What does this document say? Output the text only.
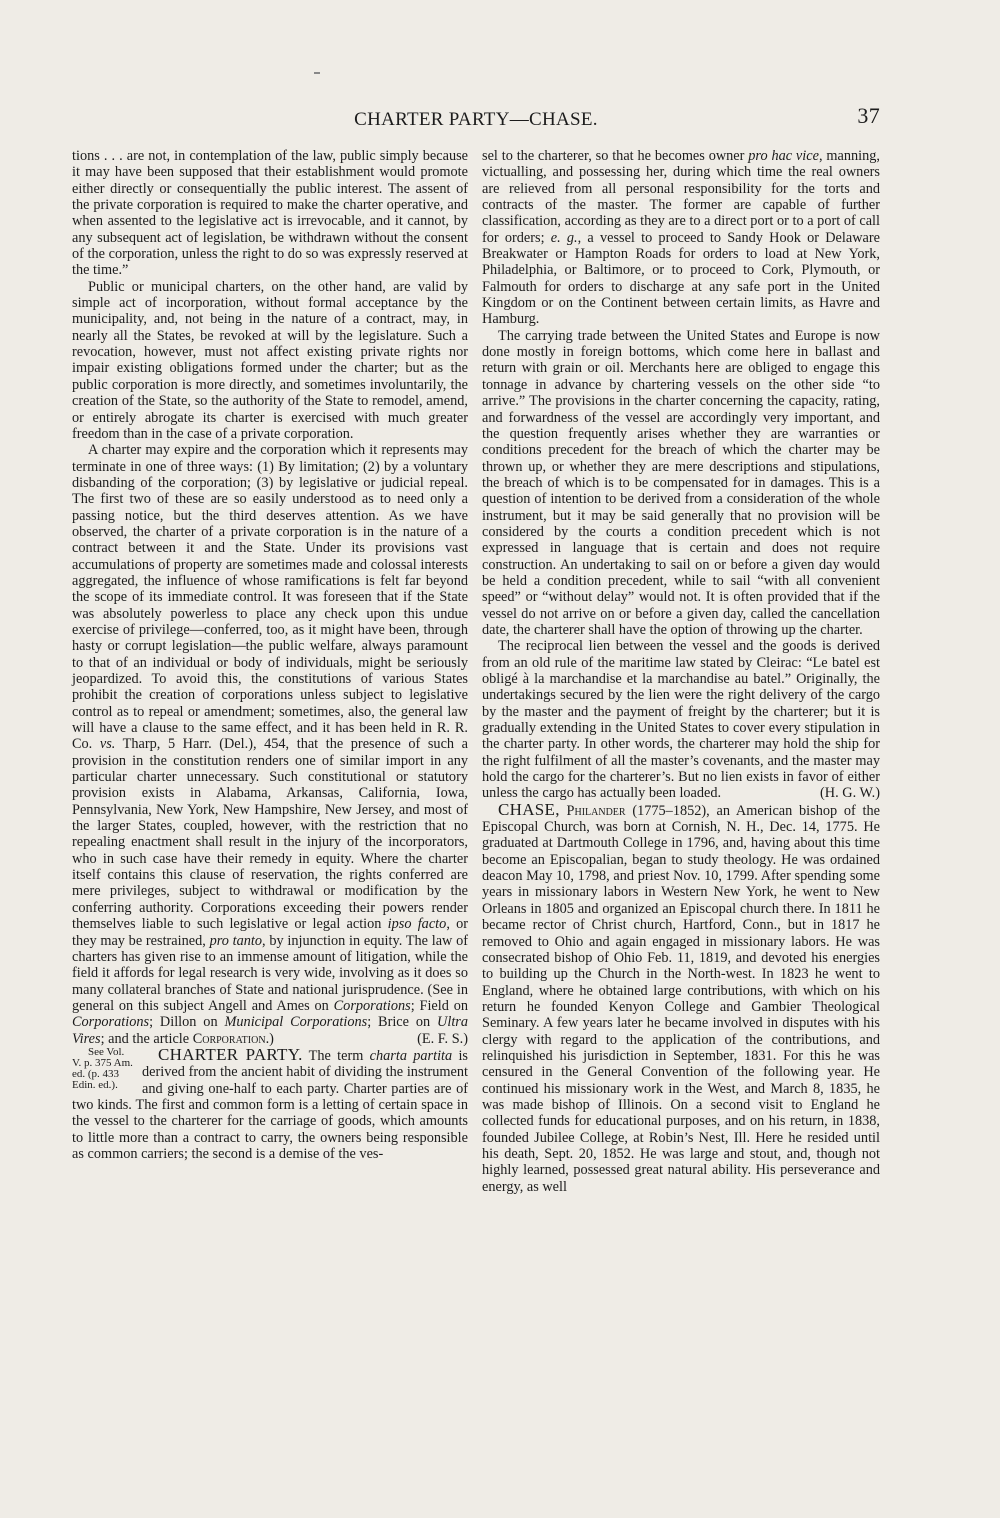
CHARTER PARTY—CHASE.	37

tions . . . are not, in contemplation of the law, public simply because it may have been supposed that their establishment would promote either directly or consequentially the public interest. The assent of the private corporation is required to make the charter operative, and when assented to the legislative act is irrevocable, and it cannot, by any subsequent act of legislation, be withdrawn without the consent of the corporation, unless the right to do so was expressly reserved at the time.”

Public or municipal charters, on the other hand, are valid by simple act of incorporation, without formal acceptance by the municipality, and, not being in the nature of a contract, may, in nearly all the States, be revoked at will by the legislature. Such a revocation, however, must not affect existing private rights nor impair existing obligations formed under the charter; but as the public corporation is more directly, and sometimes involuntarily, the creation of the State, so the authority of the State to remodel, amend, or entirely abrogate its charter is exercised with much greater freedom than in the case of a private corporation.

A charter may expire and the corporation which it represents may terminate in one of three ways: (1) By limitation; (2) by a voluntary disbanding of the corporation; (3) by legislative or judicial repeal. The first two of these are so easily understood as to need only a passing notice, but the third deserves attention. As we have observed, the charter of a private corporation is in the nature of a contract between it and the State. Under its provisions vast accumulations of property are sometimes made and colossal interests aggregated, the influence of whose ramifications is felt far beyond the scope of its immediate control. It was foreseen that if the State was absolutely powerless to place any check upon this undue exercise of privilege—conferred, too, as it might have been, through hasty or corrupt legislation—the public welfare, always paramount to that of an individual or body of individuals, might be seriously jeopardized. To avoid this, the constitutions of various States prohibit the creation of corporations unless subject to legislative control as to repeal or amendment; sometimes, also, the general law will have a clause to the same effect, and it has been held in R. R. Co. vs. Tharp, 5 Harr. (Del.), 454, that the presence of such a provision in the constitution renders one of similar import in any particular charter unnecessary. Such constitutional or statutory provision exists in Alabama, Arkansas, California, Iowa, Pennsylvania, New York, New Hampshire, New Jersey, and most of the larger States, coupled, however, with the restriction that no repealing enactment shall result in the injury of the incorporators, who in such case have their remedy in equity. Where the charter itself contains this clause of reservation, the rights conferred are mere privileges, subject to withdrawal or modification by the conferring authority. Corporations exceeding their powers render themselves liable to such legislative or legal action ipso facto, or they may be restrained, pro tanto, by injunction in equity. The law of charters has given rise to an immense amount of litigation, while the field it affords for legal research is very wide, involving as it does so many collateral branches of State and national jurisprudence. (See in general on this subject Angell and Ames on Corporations; Field on Corporations; Dillon on Municipal Corporations; Brice on Ultra Vires; and the article Corporation.)	(E. F. S.)

CHARTER PARTY. The term charta partita
See Vol. V. p. 375 Am. ed. (p. 433 Edin. ed.).
is derived from the ancient habit of dividing the instrument and giving one-half to each party. Charter parties are of two kinds. The first and common form is a letting of certain space in the vessel to the charterer for the carriage of goods, which amounts to little more than a contract to carry, the owners being responsible as common carriers; the second is a demise of the ves-

sel to the charterer, so that he becomes owner pro hac vice, manning, victualling, and possessing her, during which time the real owners are relieved from all personal responsibility for the torts and contracts of the master. The former are capable of further classification, according as they are to a direct port or to a port of call for orders; e. g., a vessel to proceed to Sandy Hook or Delaware Breakwater or Hampton Roads for orders to load at New York, Philadelphia, or Baltimore, or to proceed to Cork, Plymouth, or Falmouth for orders to discharge at any safe port in the United Kingdom or on the Continent between certain limits, as Havre and Hamburg.

The carrying trade between the United States and Europe is now done mostly in foreign bottoms, which come here in ballast and return with grain or oil. Merchants here are obliged to engage this tonnage in advance by chartering vessels on the other side “to arrive.” The provisions in the charter concerning the capacity, rating, and forwardness of the vessel are accordingly very important, and the question frequently arises whether they are warranties or conditions precedent for the breach of which the charter may be thrown up, or whether they are mere descriptions and stipulations, the breach of which is to be compensated for in damages. This is a question of intention to be derived from a consideration of the whole instrument, but it may be said generally that no provision will be considered by the courts a condition precedent which is not expressed in language that is certain and does not require construction. An undertaking to sail on or before a given day would be held a condition precedent, while to sail “with all convenient speed” or “without delay” would not. It is often provided that if the vessel do not arrive on or before a given day, called the cancellation date, the charterer shall have the option of throwing up the charter.

The reciprocal lien between the vessel and the goods is derived from an old rule of the maritime law stated by Cleirac: “Le batel est obligé à la marchandise et la marchandise au batel.” Originally, the undertakings secured by the lien were the right delivery of the cargo by the master and the payment of freight by the charterer; but it is gradually extending in the United States to cover every stipulation in the charter party. In other words, the charterer may hold the ship for the right fulfilment of all the master’s covenants, and the master may hold the cargo for the charterer’s. But no lien exists in favor of either unless the cargo has actually been loaded.	(H. G. W.)

CHASE, Philander (1775–1852), an American bishop of the Episcopal Church, was born at Cornish, N. H., Dec. 14, 1775. He graduated at Dartmouth College in 1796, and, having about this time become an Episcopalian, began to study theology. He was ordained deacon May 10, 1798, and priest Nov. 10, 1799. After spending some years in missionary labors in Western New York, he went to New Orleans in 1805 and organized an Episcopal church there. In 1811 he became rector of Christ church, Hartford, Conn., but in 1817 he removed to Ohio and again engaged in missionary labors. He was consecrated bishop of Ohio Feb. 11, 1819, and devoted his energies to building up the Church in the North-west. In 1823 he went to England, where he obtained large contributions, with which on his return he founded Kenyon College and Gambier Theological Seminary. A few years later he became involved in disputes with his clergy with regard to the application of the contributions, and relinquished his jurisdiction in September, 1831. For this he was censured in the General Convention of the following year. He continued his missionary work in the West, and March 8, 1835, he was made bishop of Illinois. On a second visit to England he collected funds for educational purposes, and on his return, in 1838, founded Jubilee College, at Robin’s Nest, Ill. Here he resided until his death, Sept. 20, 1852. He was large and stout, and, though not highly learned, possessed great natural ability. His perseverance and energy, as well
